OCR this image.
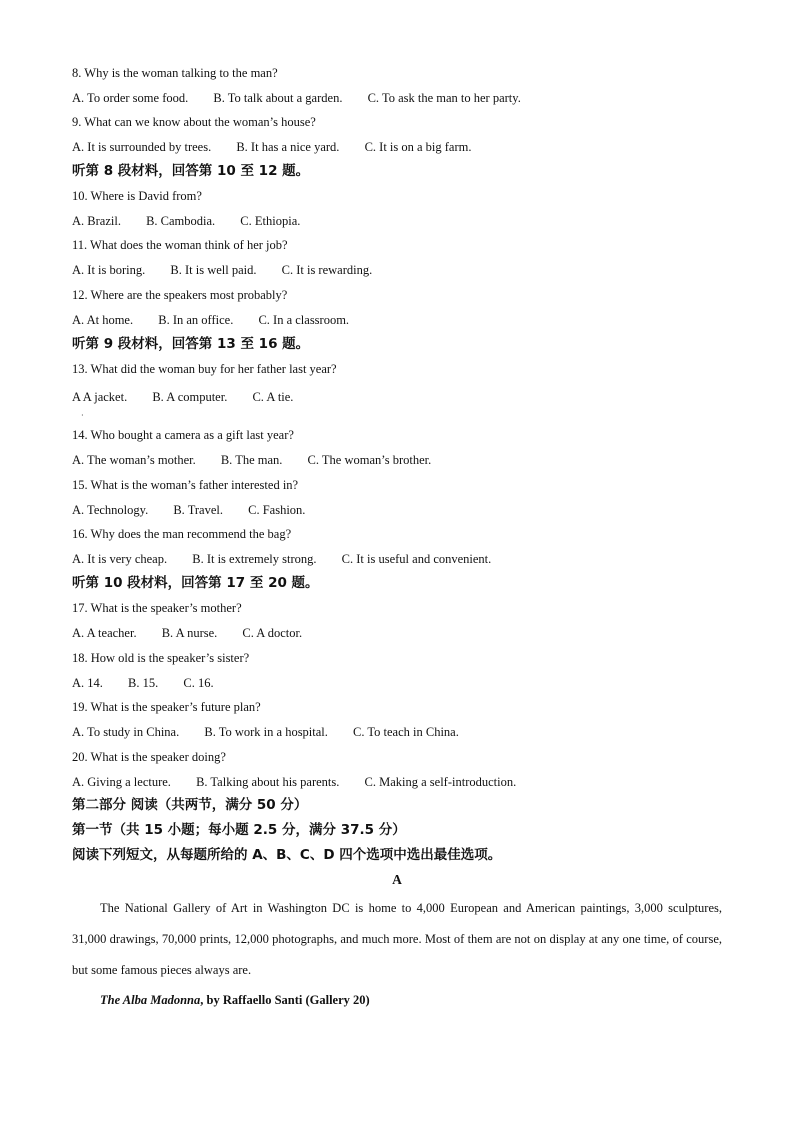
8. Why is the woman talking to the man?
A. To order some food. B. To talk about a garden. C. To ask the man to her party.
9. What can we know about the woman’s house?
A. It is surrounded by trees. B. It has a nice yard. C. It is on a big farm.
听第 8 段材料，回答第 10 至 12 题。
10. Where is David from?
A. Brazil. B. Cambodia. C. Ethiopia.
11. What does the woman think of her job?
A. It is boring. B. It is well paid. C. It is rewarding.
12. Where are the speakers most probably?
A. At home. B. In an office. C. In a classroom.
听第 9 段材料，回答第 13 至 16 题。
13. What did the woman buy for her father last year?
A A jacket. B. A computer. C. A tie.
·
14. Who bought a camera as a gift last year?
A. The woman’s mother. B. The man. C. The woman’s brother.
15. What is the woman’s father interested in?
A. Technology. B. Travel. C. Fashion.
16. Why does the man recommend the bag?
A. It is very cheap. B. It is extremely strong. C. It is useful and convenient.
听第 10 段材料，回答第 17 至 20 题。
17. What is the speaker’s mother?
A. A teacher. B. A nurse. C. A doctor.
18. How old is the speaker’s sister?
A. 14. B. 15. C. 16.
19. What is the speaker’s future plan?
A. To study in China. B. To work in a hospital. C. To teach in China.
20. What is the speaker doing?
A. Giving a lecture. B. Talking about his parents. C. Making a self-introduction.
第二部分 阅读（共两节，满分 50 分）
第一节（共 15 小题；每小题 2.5 分，满分 37.5 分）
阅读下列短文，从每题所给的 A、B、C、D 四个选项中选出最佳选项。
A
The National Gallery of Art in Washington DC is home to 4,000 European and American paintings, 3,000 sculptures, 31,000 drawings, 70,000 prints, 12,000 photographs, and much more. Most of them are not on display at any one time, of course, but some famous pieces always are.
The Alba Madonna, by Raffaello Santi (Gallery 20)
